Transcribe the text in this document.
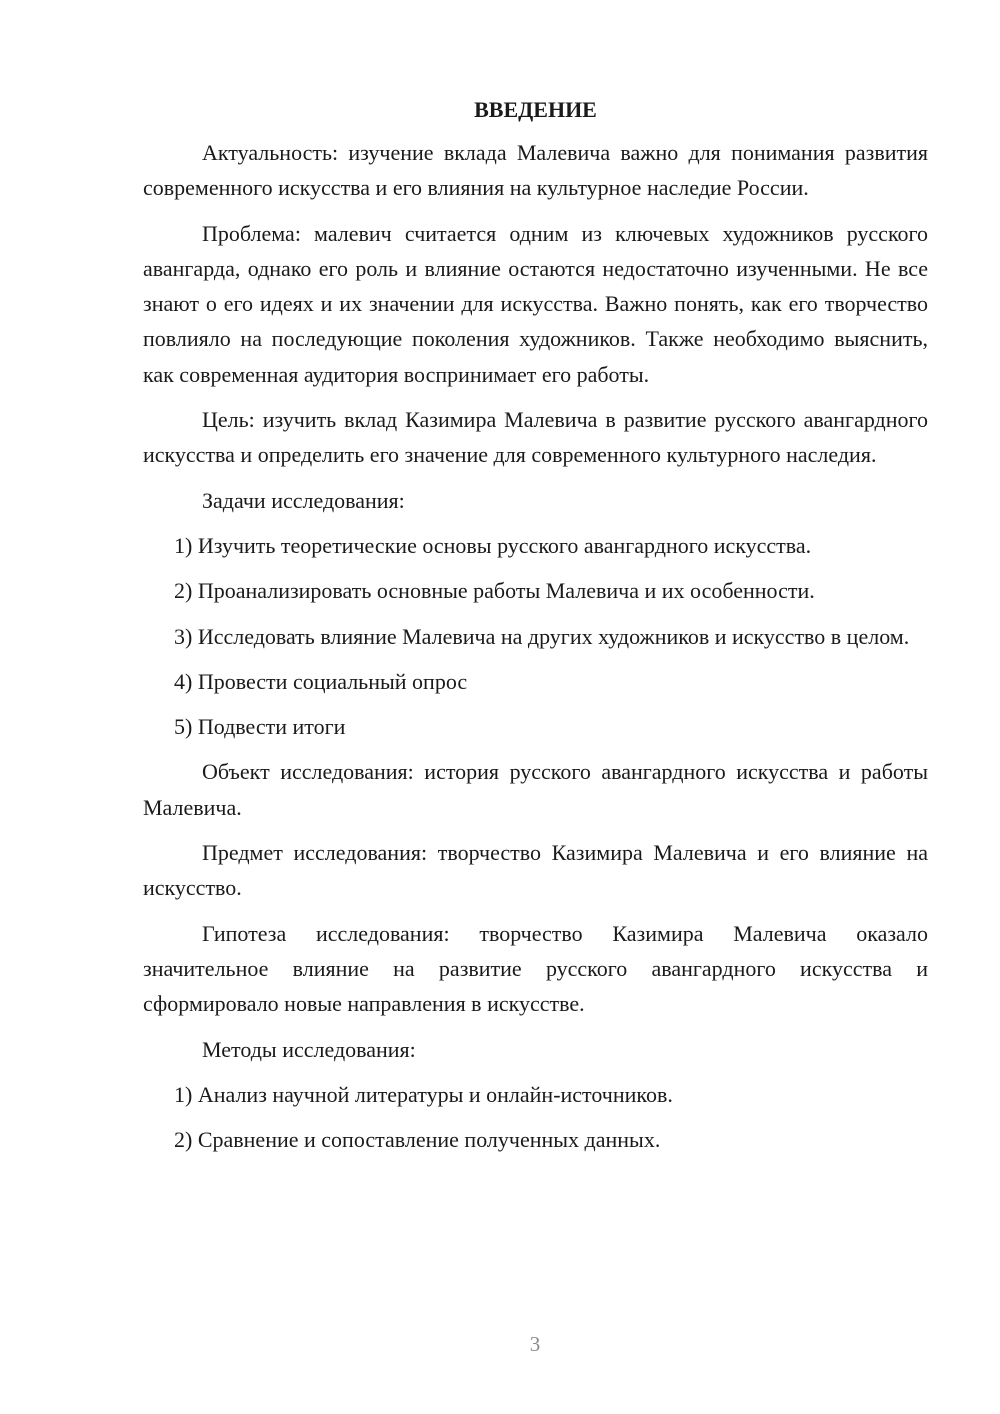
ВВЕДЕНИЕ
Актуальность: изучение вклада Малевича важно для понимания развития современного искусства и его влияния на культурное наследие России.
Проблема: малевич считается одним из ключевых художников русского авангарда, однако его роль и влияние остаются недостаточно изученными. Не все знают о его идеях и их значении для искусства. Важно понять, как его творчество повлияло на последующие поколения художников. Также необходимо выяснить, как современная аудитория воспринимает его работы.
Цель: изучить вклад Казимира Малевича в развитие русского авангардного искусства и определить его значение для современного культурного наследия.
Задачи исследования:
1) Изучить теоретические основы русского авангардного искусства.
2) Проанализировать основные работы Малевича и их особенности.
3) Исследовать влияние Малевича на других художников и искусство в целом.
4) Провести социальный опрос
5) Подвести итоги
Объект исследования: история русского авангардного искусства и работы Малевича.
Предмет исследования: творчество Казимира Малевича и его влияние на искусство.
Гипотеза исследования: творчество Казимира Малевича оказало значительное влияние на развитие русского авангардного искусства и сформировало новые направления в искусстве.
Методы исследования:
1) Анализ научной литературы и онлайн-источников.
2) Сравнение и сопоставление полученных данных.
3
